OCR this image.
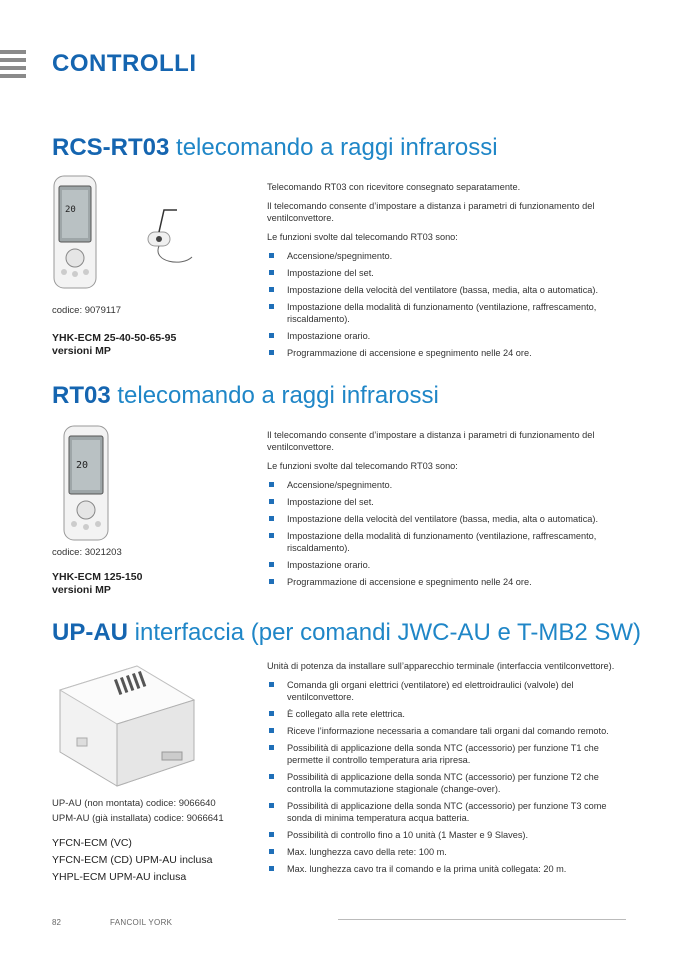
CONTROLLI
RCS-RT03 telecomando a raggi infrarossi
20
codice: 9079117
YHK-ECM 25-40-50-65-95
versioni MP

Telecomando RT03 con ricevitore consegnato separatamente.

Il telecomando consente d’impostare a distanza i parametri di funzionamento del ventilconvettore.

Le funzioni svolte dal telecomando RT03 sono:

Accensione/spegnimento.
Impostazione del set.
Impostazione della velocità del ventilatore (bassa, media, alta o automatica).
Impostazione della modalità di funzionamento (ventilazione, raffrescamento, riscaldamento).
Impostazione orario.
Programmazione di accensione e spegnimento nelle 24 ore.
RT03 telecomando a raggi infrarossi
20
codice: 3021203
YHK-ECM 125-150
versioni MP

Il telecomando consente d’impostare a distanza i parametri di funzionamento del ventilconvettore.

Le funzioni svolte dal telecomando RT03 sono:

Accensione/spegnimento.
Impostazione del set.
Impostazione della velocità del ventilatore (bassa, media, alta o automatica).
Impostazione della modalità di funzionamento (ventilazione, raffrescamento, riscaldamento).
Impostazione orario.
Programmazione di accensione e spegnimento nelle 24 ore.
UP-AU interfaccia (per comandi JWC-AU e T-MB2 SW)
UP-AU (non montata) codice: 9066640
UPM-AU (già installata) codice: 9066641
YFCN-ECM (VC)
YFCN-ECM (CD) UPM-AU inclusa
YHPL-ECM UPM-AU inclusa

Unità di potenza da installare sull’apparecchio terminale (interfaccia ventilconvettore).

Comanda gli organi elettrici (ventilatore) ed elettroidraulici (valvole) del ventilconvettore.
È collegato alla rete elettrica.
Riceve l’informazione necessaria a comandare tali organi dal comando remoto.
Possibilità di applicazione della sonda NTC (accessorio) per funzione T1 che permette il controllo temperatura aria ripresa.
Possibilità di applicazione della sonda NTC (accessorio) per funzione T2 che controlla la commutazione stagionale (change-over).
Possibilità di applicazione della sonda NTC (accessorio) per funzione T3 come sonda di minima temperatura acqua batteria.
Possibilità di controllo fino a 10 unità (1 Master e 9 Slaves).
Max. lunghezza cavo della rete: 100 m.
Max. lunghezza cavo tra il comando e la prima unità collegata: 20 m.
82	FANCOIL YORK
